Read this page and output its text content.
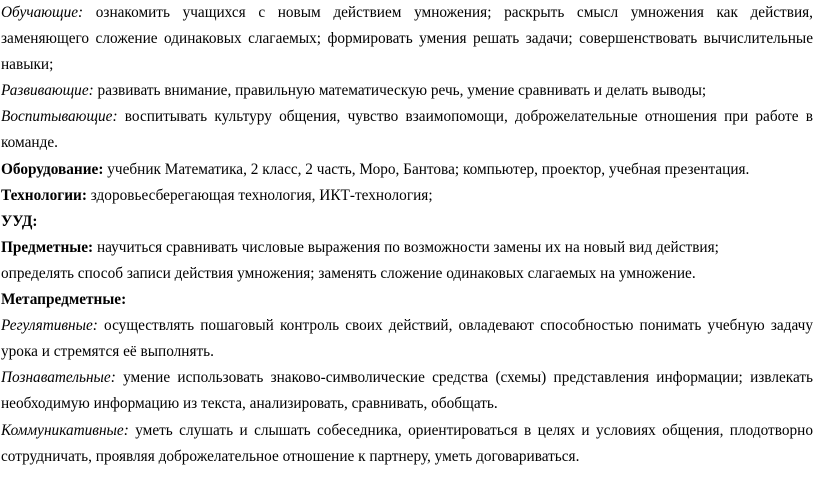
Обучающие: ознакомить учащихся с новым действием умножения; раскрыть смысл умножения как действия,
заменяющего сложение одинаковых слагаемых; формировать умения решать задачи; совершенствовать вычислительные
навыки;
Развивающие: развивать внимание, правильную математическую речь, умение сравнивать и делать выводы;
Воспитывающие: воспитывать культуру общения, чувство взаимопомощи, доброжелательные отношения при работе в
команде.
Оборудование: учебник Математика, 2 класс, 2 часть, Моро, Бантова; компьютер, проектор, учебная презентация.
Технологии: здоровьесберегающая технология, ИКТ-технология;
УУД:
Предметные: научиться сравнивать числовые выражения по возможности замены их на новый вид действия;
определять способ записи действия умножения; заменять сложение одинаковых слагаемых на умножение.
Метапредметные:
Регулятивные: осуществлять пошаговый контроль своих действий, овладевают способностью понимать учебную задачу
урока и стремятся её выполнять.
Познавательные: умение использовать знаково-символические средства (схемы) представления информации; извлекать
необходимую информацию из текста, анализировать, сравнивать, обобщать.
Коммуникативные: уметь слушать и слышать собеседника, ориентироваться в целях и условиях общения, плодотворно
сотрудничать, проявляя доброжелательное отношение к партнеру, уметь договариваться.
